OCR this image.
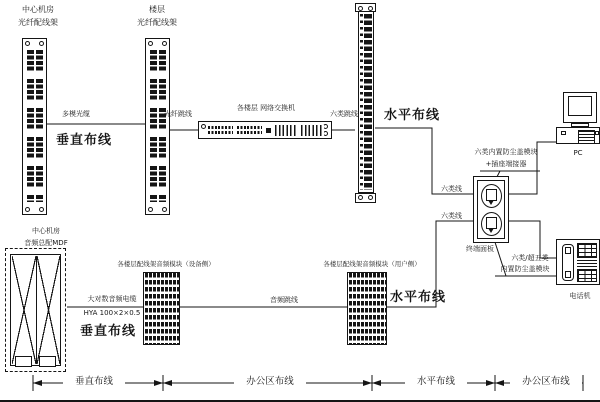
中心机房
光纤配线架
楼层
光纤配线架
多模光缆
垂直布线
光纤跳线
各楼层 网络交换机
六类跳线 水平布线
六类线
六类线
六类内置防尘盖模块
+插座端接器
终端面板
六类/超五类
内置防尘盖模块
PC
电话机
中心机房
音频总配MDF
大对数音频电缆
HYA 100×2×0.5
垂直布线
各楼层配线架音频模块（设备侧）
音频跳线
各楼层配线架音频模块（用户侧）
水平布线
垂直布线	办公区布线	水平布线	办公区布线
